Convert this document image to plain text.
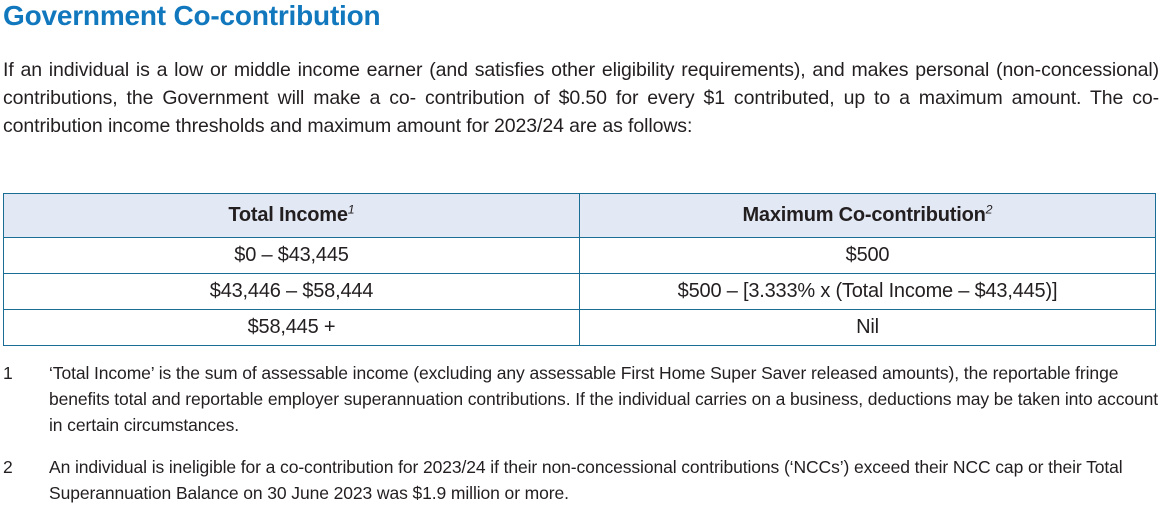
Government Co-contribution
If an individual is a low or middle income earner (and satisfies other eligibility requirements), and makes personal (non-concessional) contributions, the Government will make a co- contribution of $0.50 for every $1 contributed, up to a maximum amount. The co-contribution income thresholds and maximum amount for 2023/24 are as follows:
Total Income$^1$	Maximum Co-contribution$^2$
$0 – $43,445	$500
$43,446 – $58,444	$500 – [3.333% x (Total Income – $43,445)]
$58,445 +	Nil

1	‘Total Income’ is the sum of assessable income (excluding any assessable First Home Super Saver released amounts), the reportable fringe benefits total and reportable employer superannuation contributions. If the individual carries on a business, deductions may be taken into account in certain circumstances.

2	An individual is ineligible for a co-contribution for 2023/24 if their non-concessional contributions (‘NCCs’) exceed their NCC cap or their Total Superannuation Balance on 30 June 2023 was $1.9 million or more.
